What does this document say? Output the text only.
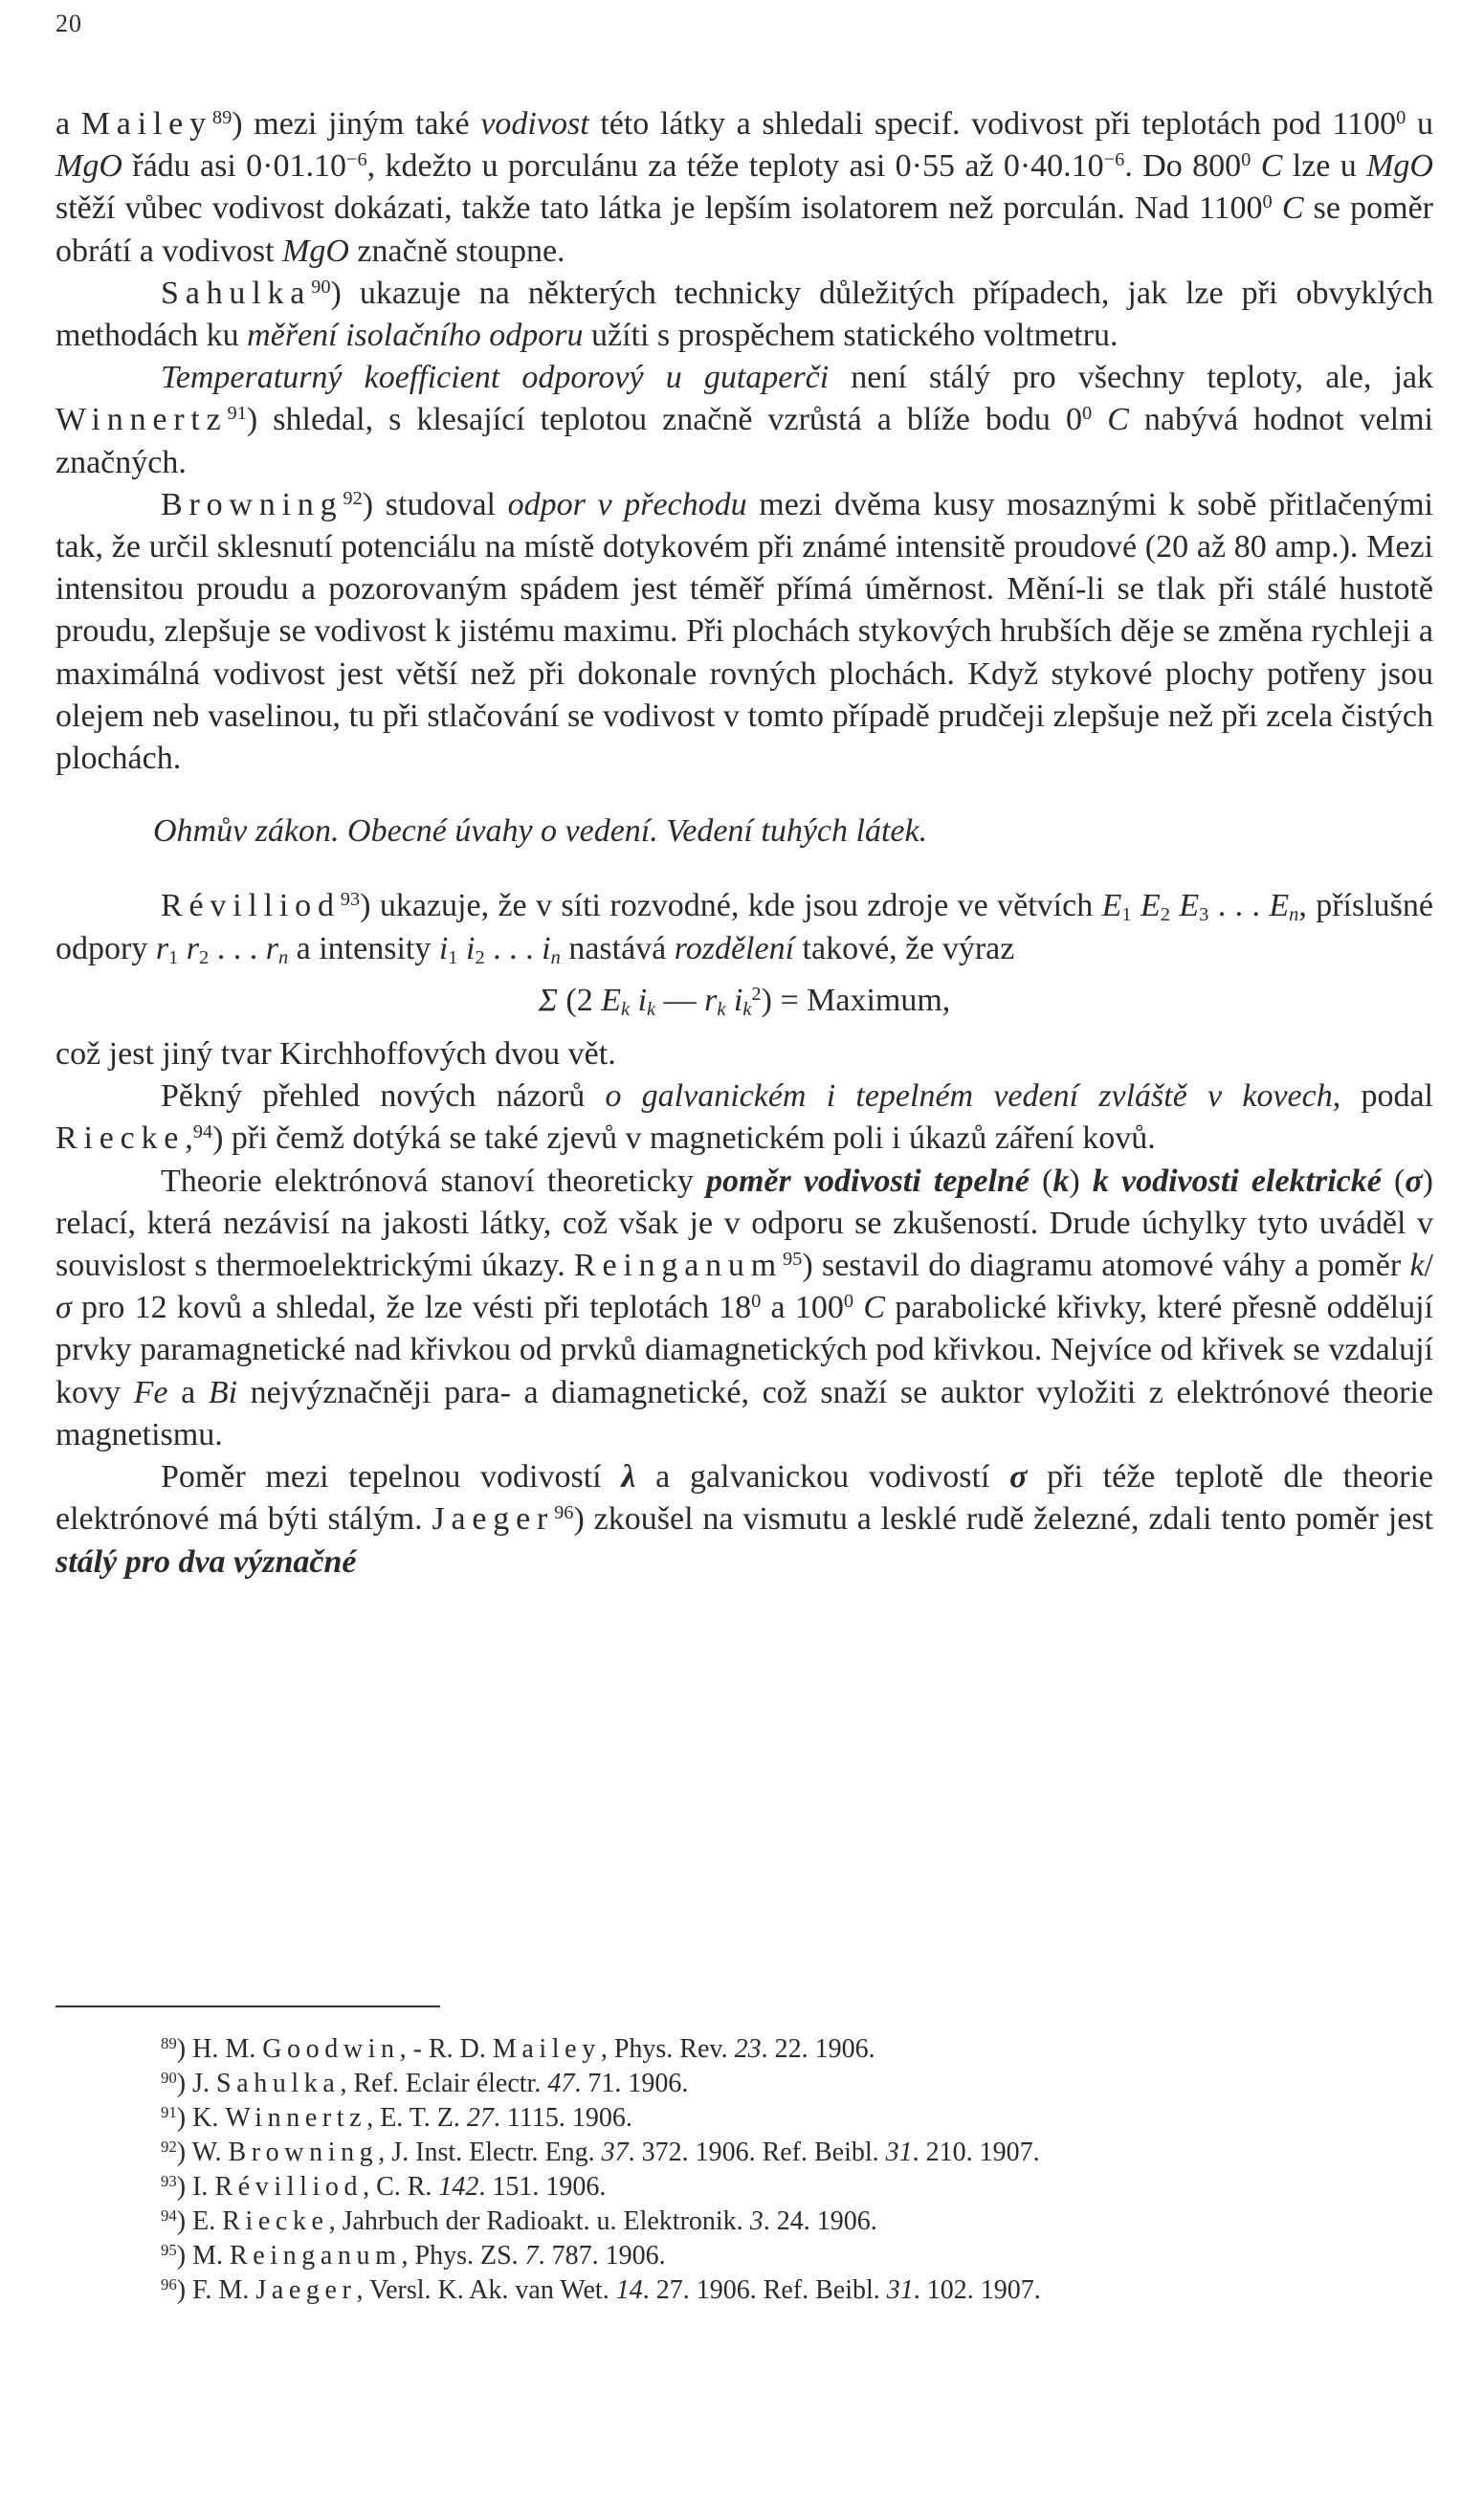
20

a Mailey$^{89}$) mezi jiným také vodivost této látky a shledali specif. vodivost při teplotách pod 1100$^0$ u MgO řádu asi $0\cdot 01.10^{-6}$, kdežto u porculánu za téže teploty asi 0·55 až $0\cdot 40.10^{-6}$. Do $800^0$ C lze u MgO stěží vůbec vodivost dokázati, takže tato látka je lepším isolatorem než porculán. Nad 1100$^0$ C se poměr obrátí a vodivost MgO značně stoupne.

Sahulka$^{90}$) ukazuje na některých technicky důležitých případech, jak lze při obvyklých methodách ku měření isolačního odporu užíti s prospěchem statického voltmetru.

Temperaturný koefficient odporový u gutaperči není stálý pro všechny teploty, ale, jak Winnertz$^{91}$) shledal, s klesající teplotou značně vzrůstá a blíže bodu $0^0$ C nabývá hodnot velmi značných.

Browning$^{92}$) studoval odpor v přechodu mezi dvěma kusy mosaznými k sobě přitlačenými tak, že určil sklesnutí potenciálu na místě dotykovém při známé intensitě proudové (20 až 80 amp.). Mezi intensitou proudu a pozorovaným spádem jest téměř přímá úměrnost. Mění-li se tlak při stálé hustotě proudu, zlepšuje se vodivost k jistému maximu. Při plochách stykových hrubších děje se změna rychleji a maximálná vodivost jest větší než při dokonale rovných plochách. Když stykové plochy potřeny jsou olejem neb vaselinou, tu při stlačování se vodivost v tomto případě prudčeji zlepšuje než při zcela čistých plochách.

Ohmův zákon. Obecné úvahy o vedení. Vedení tuhých látek.

Révilliod$^{93}$) ukazuje, že v síti rozvodné, kde jsou zdroje ve větvích $E_1$ $E_2$ $E_3$ . . . $E_n$, příslušné odpory $r_1$ $r_2$ . . . $r_n$ a intensity $i_1$ $i_2$ . . . $i_n$ nastává rozdělení takové, že výraz

Σ (2 $E_k$ $i_k$ — $r_k$ $i_k^2$) = Maximum,

což jest jiný tvar Kirchhoffových dvou vět.

Pěkný přehled nových názorů o galvanickém i tepelném vedení zvláště v kovech, podal Riecke,$^{94}$) při čemž dotýká se také zjevů v magnetickém poli i úkazů záření kovů.

Theorie elektrónová stanoví theoreticky poměr vodivosti tepelné (k) k vodivosti elektrické (σ) relací, která nezávisí na jakosti látky, což však je v odporu se zkušeností. Drude úchylky tyto uváděl v souvislost s thermoelektrickými úkazy. Reinganum$^{95}$) sestavil do diagramu atomové váhy a poměr k/σ pro 12 kovů a shledal, že lze vésti při teplotách $18^0$ a $100^0$ C parabolické křivky, které přesně oddělují prvky paramagnetické nad křivkou od prvků diamagnetických pod křivkou. Nejvíce od křivek se vzdalují kovy Fe a Bi nejvýznačněji para- a diamagnetické, což snaží se auktor vyložiti z elektrónové theorie magnetismu.

Poměr mezi tepelnou vodivostí λ a galvanickou vodivostí σ při téže teplotě dle theorie elektrónové má býti stálým. Jaeger$^{96}$) zkoušel na vismutu a lesklé rudě železné, zdali tento poměr jest stálý pro dva význačné

$^{89}$) H. M. Goodwin, - R. D. Mailey, Phys. Rev. 23. 22. 1906.

$^{90}$) J. Sahulka, Ref. Eclair électr. 47. 71. 1906.

$^{91}$) K. Winnertz, E. T. Z. 27. 1115. 1906.

$^{92}$) W. Browning, J. Inst. Electr. Eng. 37. 372. 1906. Ref. Beibl. 31. 210. 1907.

$^{93}$) I. Révilliod, C. R. 142. 151. 1906.

$^{94}$) E. Riecke, Jahrbuch der Radioakt. u. Elektronik. 3. 24. 1906.

$^{95}$) M. Reinganum, Phys. ZS. 7. 787. 1906.

$^{96}$) F. M. Jaeger, Versl. K. Ak. van Wet. 14. 27. 1906. Ref. Beibl. 31. 102. 1907.
